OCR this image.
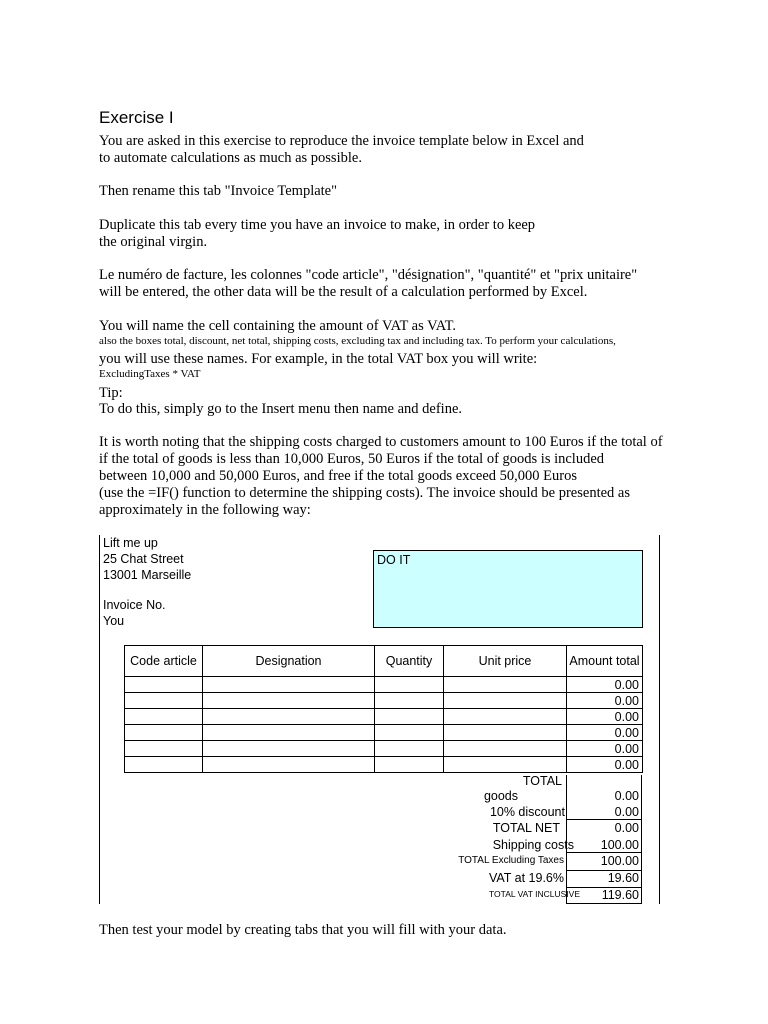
Exercise I
You are asked in this exercise to reproduce the invoice template below in Excel and
to automate calculations as much as possible.
Then rename this tab "Invoice Template"
Duplicate this tab every time you have an invoice to make, in order to keep
the original virgin.
Le numéro de facture, les colonnes "code article", "désignation", "quantité" et "prix unitaire"
will be entered, the other data will be the result of a calculation performed by Excel.
You will name the cell containing the amount of VAT as VAT.
also the boxes total, discount, net total, shipping costs, excluding tax and including tax. To perform your calculations,
you will use these names. For example, in the total VAT box you will write:
ExcludingTaxes * VAT
Tip:
To do this, simply go to the Insert menu then name and define.
It is worth noting that the shipping costs charged to customers amount to 100 Euros if the total of
if the total of goods is less than 10,000 Euros, 50 Euros if the total of goods is included
between 10,000 and 50,000 Euros, and free if the total goods exceed 50,000 Euros
(use the =IF() function to determine the shipping costs). The invoice should be presented as
approximately in the following way:
Lift me up
25 Chat Street
13001 Marseille
Invoice No.
You
DO IT
Code article	Designation	Quantity	Unit price	Amount total
				0.00
				0.00
				0.00
				0.00
				0.00
				0.00
TOTAL
goods	0.00
10% discount	0.00
TOTAL NET	0.00
Shipping costs	100.00
TOTAL Excluding Taxes	100.00
VAT at 19.6%	19.60
TOTAL VAT INCLUSIVE	119.60
Then test your model by creating tabs that you will fill with your data.
